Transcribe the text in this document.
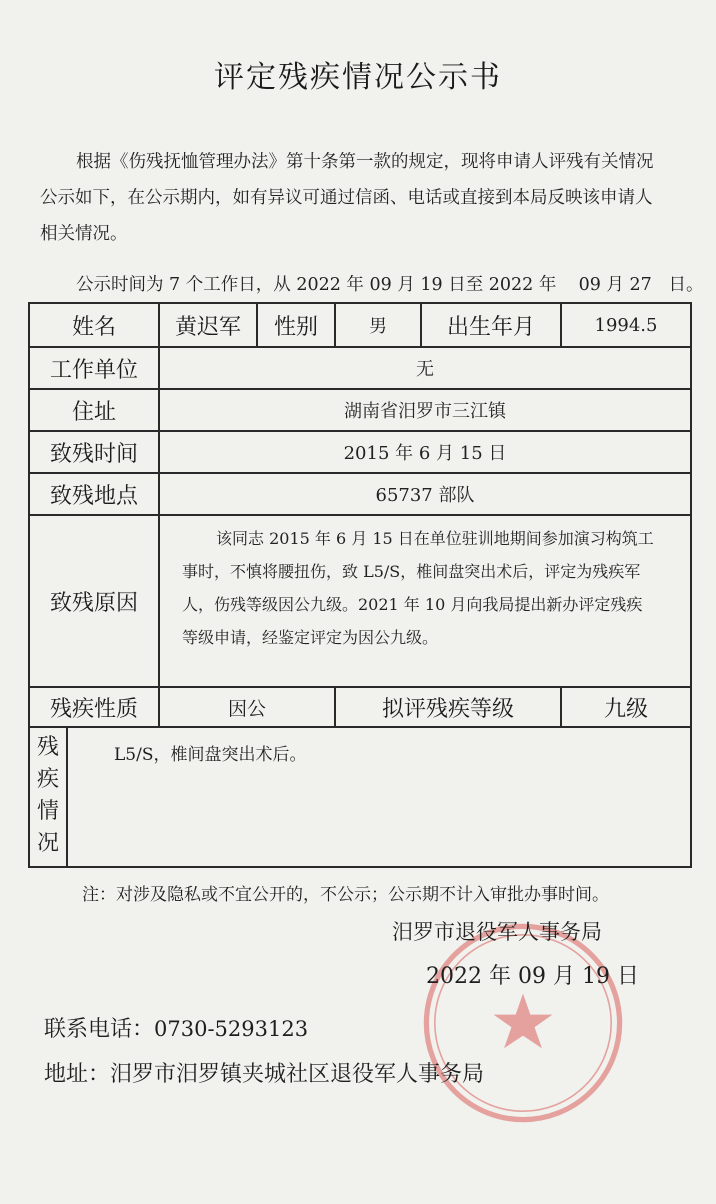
评定残疾情况公示书
根据《伤残抚恤管理办法》第十条第一款的规定，现将申请人评残有关情况
公示如下，在公示期内，如有异议可通过信函、电话或直接到本局反映该申请人
相关情况。
公示时间为 7 个工作日，从 2022 年 09 月 19 日至 2022 年    09 月 27   日。
姓名	黄迟军	性别	男	出生年月	1994.5
工作单位	无				
住址	湖南省汨罗市三江镇				
致残时间	2015 年 6 月 15 日				
致残地点	65737 部队				
致残原因	该同志 2015 年 6 月 15 日在单位驻训地期间参加演习构筑工
事时，不慎将腰扭伤，致 L5/S，椎间盘突出术后，评定为残疾军
人，伤残等级因公九级。2021 年 10 月向我局提出新办评定残疾
等级申请，经鉴定评定为因公九级。				

残疾性质	因公		拟评残疾等级		九级

残
疾
情
况
L5/S，椎间盘突出术后。					
注：对涉及隐私或不宜公开的，不公示；公示期不计入审批办事时间。
汨罗市退役军人事务局
2022 年 09 月 19 日
联系电话：0730-5293123
地址：汨罗市汨罗镇夹城社区退役军人事务局
